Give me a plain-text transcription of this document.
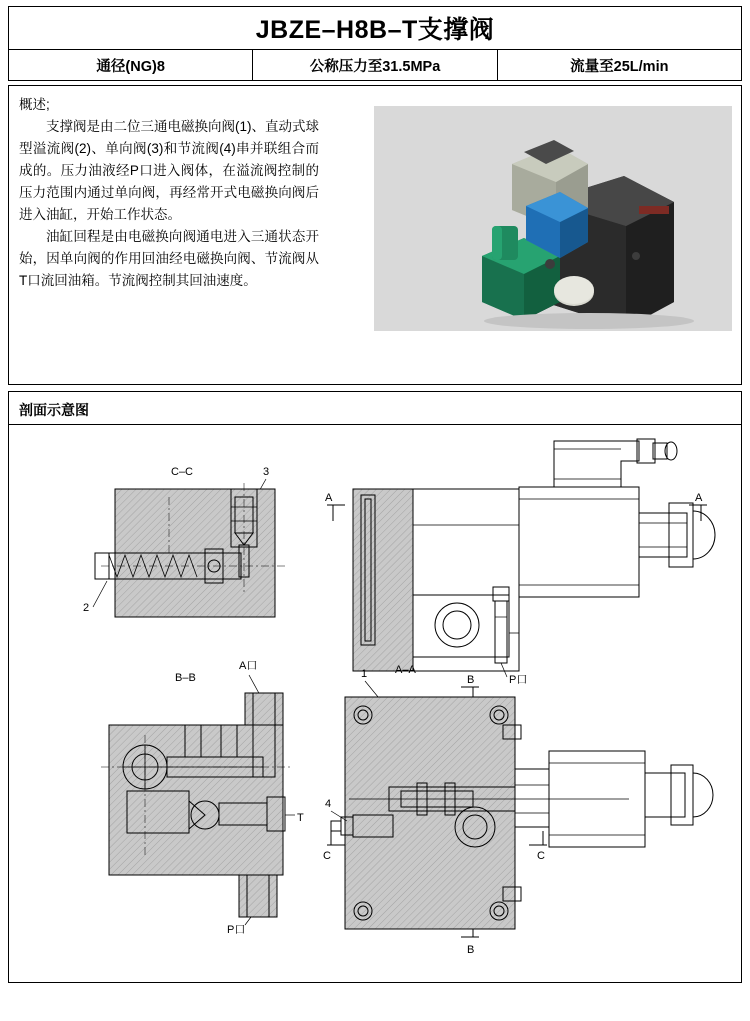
JBZE–H8B–T支撑阀
通径(NG)8	公称压力至31.5MPa	流量至25L/min

概述;

支撑阀是由二位三通电磁换向阀(1)、直动式球型溢流阀(2)、单向阀(3)和节流阀(4)串并联组合而成的。压力油液经P口进入阀体，在溢流阀控制的压力范围内通过单向阀，再经常开式电磁换向阀后进入油缸，开始工作状态。

油缸回程是由电磁换向阀通电进入三通状态开始，因单向阀的作用回油经电磁换向阀、节流阀从T口流回油箱。节流阀控制其回油速度。

剖面示意图
P口
A	A
C–C	3
2
B–B
A口
T
P口
1	A–A
B
B
4
C	C
